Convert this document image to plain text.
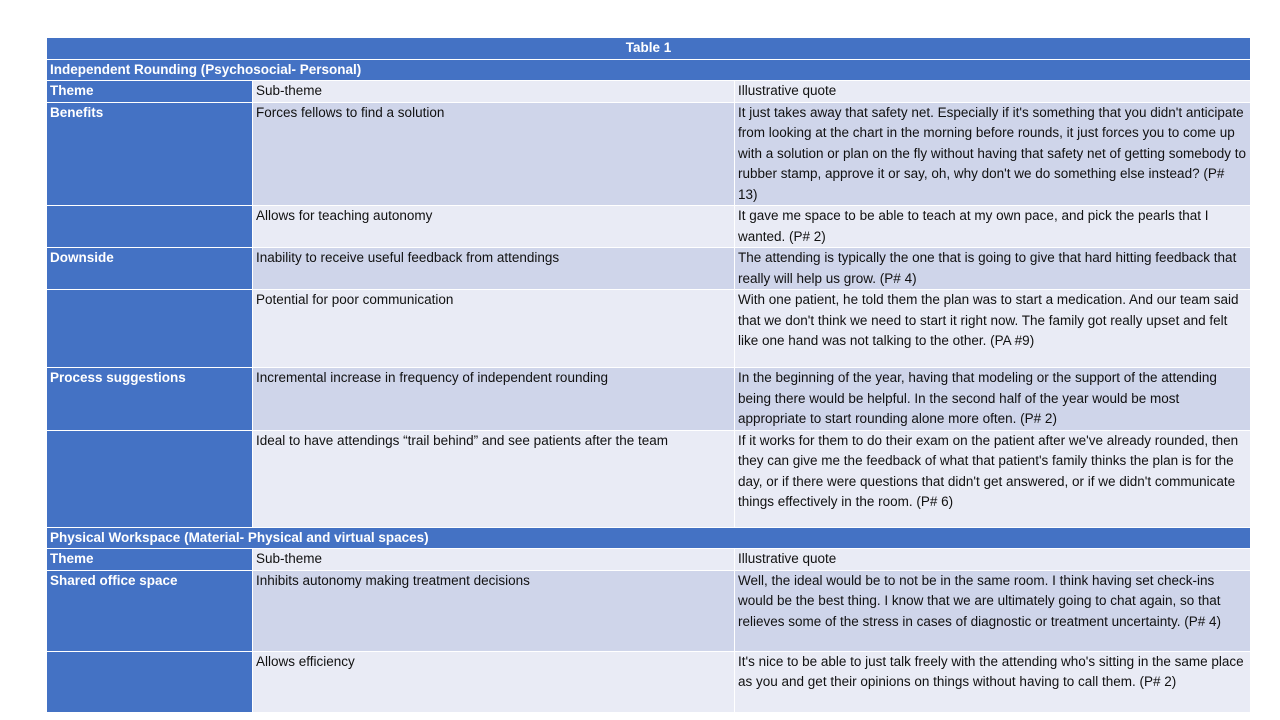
Table 1		
Independent Rounding (Psychosocial- Personal)		
Theme	Sub-theme	Illustrative quote
Benefits	Forces fellows to find a solution	It just takes away that safety net. Especially if it's something that you didn't anticipate from looking at the chart in the morning before rounds, it just forces you to come up with a solution or plan on the fly without having that safety net of getting somebody to rubber stamp, approve it or say, oh, why don't we do something else instead? (P# 13)
	Allows for teaching autonomy	It gave me space to be able to teach at my own pace, and pick the pearls that I wanted. (P# 2)
Downside	Inability to receive useful feedback from attendings	The attending is typically the one that is going to give that hard hitting feedback that really will help us grow. (P# 4)
	Potential for poor communication	With one patient, he told them the plan was to start a medication. And our team said that we don't think we need to start it right now. The family got really upset and felt like one hand was not talking to the other. (PA #9)
Process suggestions	Incremental increase in frequency of independent rounding	In the beginning of the year, having that modeling or the support of the attending being there would be helpful. In the second half of the year would be most appropriate to start rounding alone more often. (P# 2)
	Ideal to have attendings “trail behind” and see patients after the team	If it works for them to do their exam on the patient after we've already rounded, then they can give me the feedback of what that patient's family thinks the plan is for the day, or if there were questions that didn't get answered, or if we didn't communicate things effectively in the room. (P# 6)
Physical Workspace (Material- Physical and virtual spaces)		
Theme	Sub-theme	Illustrative quote
Shared office space	Inhibits autonomy making treatment decisions	Well, the ideal would be to not be in the same room. I think having set check-ins would be the best thing. I know that we are ultimately going to chat again, so that relieves some of the stress in cases of diagnostic or treatment uncertainty. (P# 4)
	Allows efficiency	It's nice to be able to just talk freely with the attending who's sitting in the same place as you and get their opinions on things without having to call them. (P# 2)
